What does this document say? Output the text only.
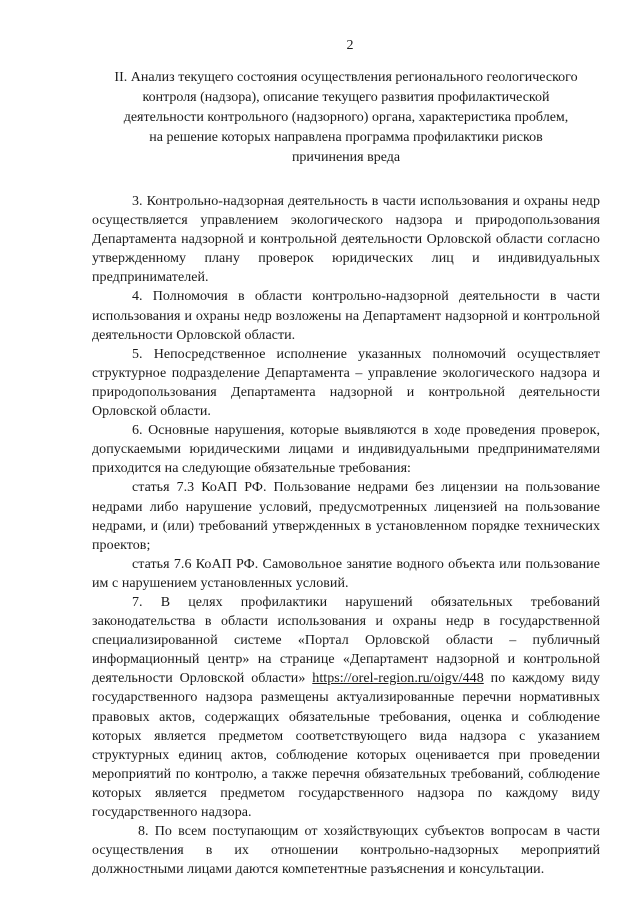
2
II. Анализ текущего состояния осуществления регионального геологического
контроля (надзора), описание текущего развития профилактической
деятельности контрольного (надзорного) органа, характеристика проблем,
на решение которых направлена программа профилактики рисков
причинения вреда

3. Контрольно-надзорная деятельность в части использования и охраны недр осуществляется управлением экологического надзора и природопользования Департамента надзорной и контрольной деятельности Орловской области согласно утвержденному плану проверок юридических лиц и индивидуальных предпринимателей.

4. Полномочия в области контрольно-надзорной деятельности в части использования и охраны недр возложены на Департамент надзорной и контрольной деятельности Орловской области.

5. Непосредственное исполнение указанных полномочий осуществляет структурное подразделение Департамента – управление экологического надзора и природопользования Департамента надзорной и контрольной деятельности Орловской области.

6. Основные нарушения, которые выявляются в ходе проведения проверок, допускаемыми юридическими лицами и индивидуальными предпринимателями приходится на следующие обязательные требования:

статья 7.3 КоАП РФ. Пользование недрами без лицензии на пользование недрами либо нарушение условий, предусмотренных лицензией на пользование недрами, и (или) требований утвержденных в установленном порядке технических проектов;

статья 7.6 КоАП РФ. Самовольное занятие водного объекта или пользование им с нарушением установленных условий.

7. В целях профилактики нарушений обязательных требований законодательства в области использования и охраны недр в государственной специализированной системе «Портал Орловской области – публичный информационный центр» на странице «Департамент надзорной и контрольной деятельности Орловской области» https://orel-region.ru/oigv/448 по каждому виду государственного надзора размещены актуализированные перечни нормативных правовых актов, содержащих обязательные требования, оценка и соблюдение которых является предметом соответствующего вида надзора с указанием структурных единиц актов, соблюдение которых оценивается при проведении мероприятий по контролю, а также перечня обязательных требований, соблюдение которых является предметом государственного надзора по каждому виду государственного надзора.

8. По всем поступающим от хозяйствующих субъектов вопросам в части осуществления в их отношении контрольно-надзорных мероприятий должностными лицами даются компетентные разъяснения и консультации.
